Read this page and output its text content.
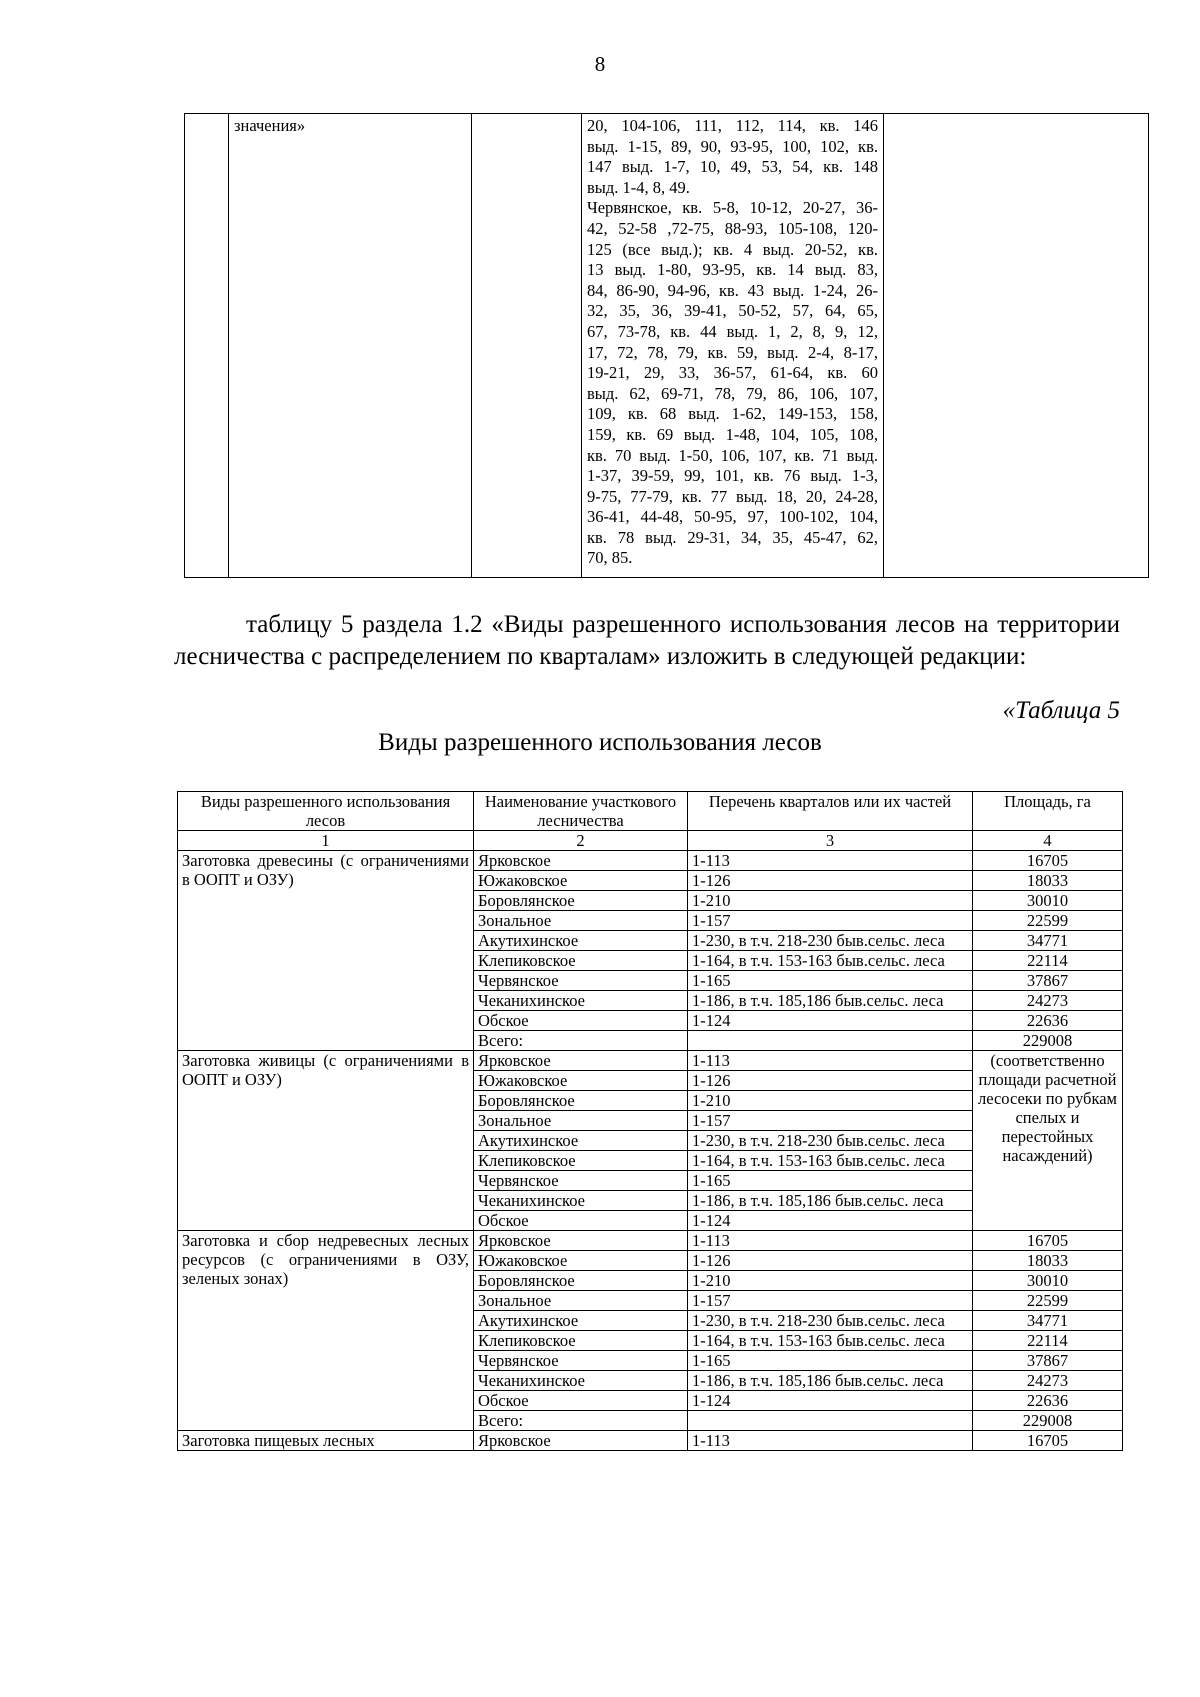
8
	значения»		20, 104-106, 111, 112, 114, кв. 146
выд. 1-15, 89, 90, 93-95, 100, 102, кв.
147 выд. 1-7, 10, 49, 53, 54, кв. 148
выд. 1-4, 8, 49.
Червянское, кв. 5-8, 10-12, 20-27, 36-
42, 52-58 ,72-75, 88-93, 105-108, 120-
125 (все выд.); кв. 4 выд. 20-52, кв.
13 выд. 1-80, 93-95, кв. 14 выд. 83,
84, 86-90, 94-96, кв. 43 выд. 1-24, 26-
32, 35, 36, 39-41, 50-52, 57, 64, 65,
67, 73-78, кв. 44 выд. 1, 2, 8, 9, 12,
17, 72, 78, 79, кв. 59, выд. 2-4, 8-17,
19-21, 29, 33, 36-57, 61-64, кв. 60
выд. 62, 69-71, 78, 79, 86, 106, 107,
109, кв. 68 выд. 1-62, 149-153, 158,
159, кв. 69 выд. 1-48, 104, 105, 108,
кв. 70 выд. 1-50, 106, 107, кв. 71 выд.
1-37, 39-59, 99, 101, кв. 76 выд. 1-3,
9-75, 77-79, кв. 77 выд. 18, 20, 24-28,
36-41, 44-48, 50-95, 97, 100-102, 104,
кв. 78 выд. 29-31, 34, 35, 45-47, 62,
70, 85.

таблицу 5 раздела 1.2 «Виды разрешенного использования лесов на территории лесничества с распределением по кварталам» изложить в следующей редакции:
«Таблица 5
Виды разрешенного использования лесов
Виды разрешенного использования лесов	Наименование участкового лесничества	Перечень кварталов или их частей	Площадь, га
1	2	3	4
Заготовка древесины (с ограничениями в ООПТ и ОЗУ)	Ярковское	1-113	16705
	Южаковское	1-126	18033
	Боровлянское	1-210	30010
	Зональное	1-157	22599
	Акутихинское	1-230, в т.ч. 218-230 быв.сельс. леса	34771
	Клепиковское	1-164, в т.ч. 153-163 быв.сельс. леса	22114
	Червянское	1-165	37867
	Чеканихинское	1-186, в т.ч. 185,186 быв.сельс. леса	24273
	Обское	1-124	22636
	Всего:		229008
Заготовка живицы (с ограничениями в ООПТ и ОЗУ)	Ярковское	1-113	(соответственно площади расчетной лесосеки по рубкам спелых и перестойных насаждений)
	Южаковское	1-126	
	Боровлянское	1-210	
	Зональное	1-157	
	Акутихинское	1-230, в т.ч. 218-230 быв.сельс. леса	
	Клепиковское	1-164, в т.ч. 153-163 быв.сельс. леса	
	Червянское	1-165	
	Чеканихинское	1-186, в т.ч. 185,186 быв.сельс. леса	
	Обское	1-124	
Заготовка и сбор недревесных лесных ресурсов (с ограничениями в ОЗУ, зеленых зонах)	Ярковское	1-113	16705
	Южаковское	1-126	18033
	Боровлянское	1-210	30010
	Зональное	1-157	22599
	Акутихинское	1-230, в т.ч. 218-230 быв.сельс. леса	34771
	Клепиковское	1-164, в т.ч. 153-163 быв.сельс. леса	22114
	Червянское	1-165	37867
	Чеканихинское	1-186, в т.ч. 185,186 быв.сельс. леса	24273
	Обское	1-124	22636
	Всего:		229008
Заготовка пищевых лесных	Ярковское	1-113	16705
